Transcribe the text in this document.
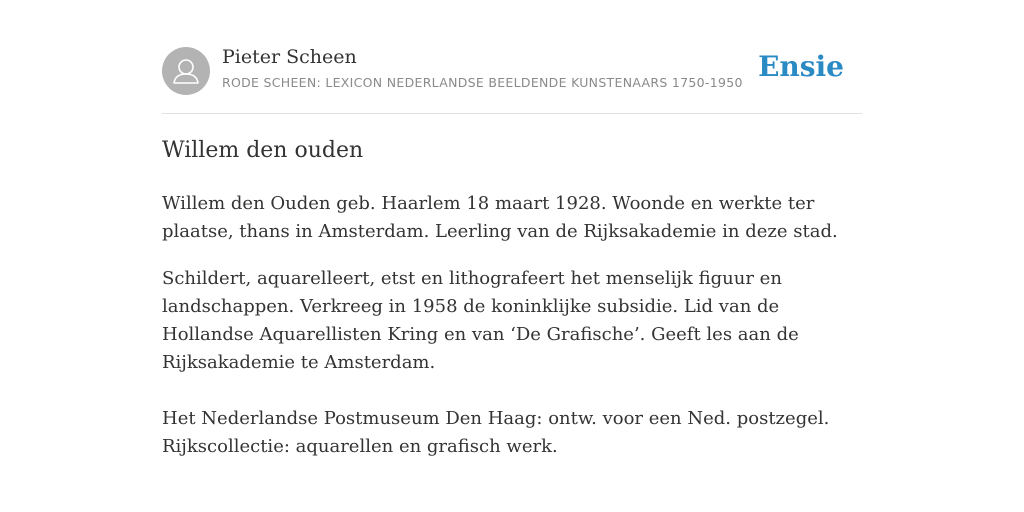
Pieter Scheen
RODE SCHEEN: LEXICON NEDERLANDSE BEELDENDE KUNSTENAARS 1750-1950 Ensie
Willem den ouden

Willem den Ouden geb. Haarlem 18 maart 1928. Woonde en werkte ter plaatse, thans in Amsterdam. Leerling van de Rijksakademie in deze stad.

Schildert, aquarelleert, etst en lithografeert het menselijk figuur en landschappen. Verkreeg in 1958 de koninklijke subsidie. Lid van de Hollandse Aquarellisten Kring en van ‘De Grafische’. Geeft les aan de Rijksakademie te Amsterdam.

Het Nederlandse Postmuseum Den Haag: ontw. voor een Ned. postzegel. Rijkscollectie: aquarellen en grafisch werk.
